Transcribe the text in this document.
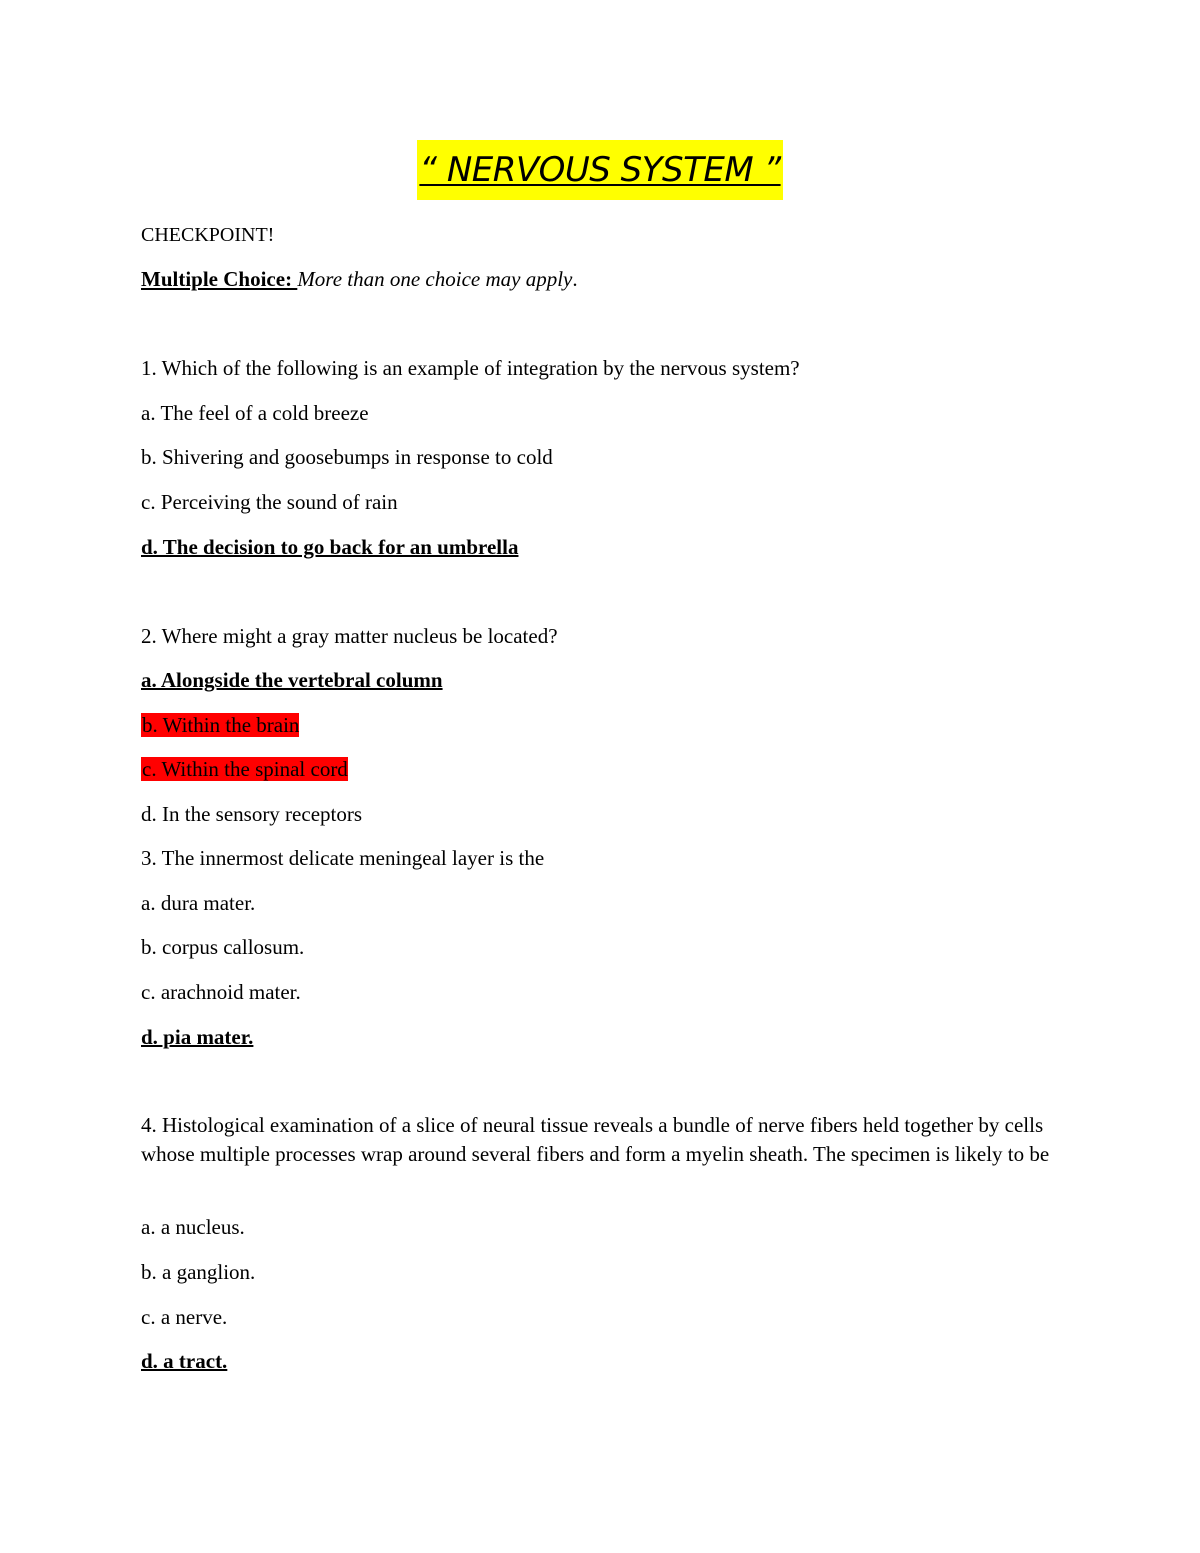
“ NERVOUS SYSTEM ”
CHECKPOINT!
Multiple Choice: More than one choice may apply.
1. Which of the following is an example of integration by the nervous system?
a. The feel of a cold breeze
b. Shivering and goosebumps in response to cold
c. Perceiving the sound of rain
d. The decision to go back for an umbrella
2. Where might a gray matter nucleus be located?
a. Alongside the vertebral column
b. Within the brain
c. Within the spinal cord
d. In the sensory receptors
3. The innermost delicate meningeal layer is the
a. dura mater.
b. corpus callosum.
c. arachnoid mater.
d. pia mater.
4. Histological examination of a slice of neural tissue reveals a bundle of nerve fibers held together by cells whose multiple processes wrap around several fibers and form a myelin sheath. The specimen is likely to be
a. a nucleus.
b. a ganglion.
c. a nerve.
d. a tract.
